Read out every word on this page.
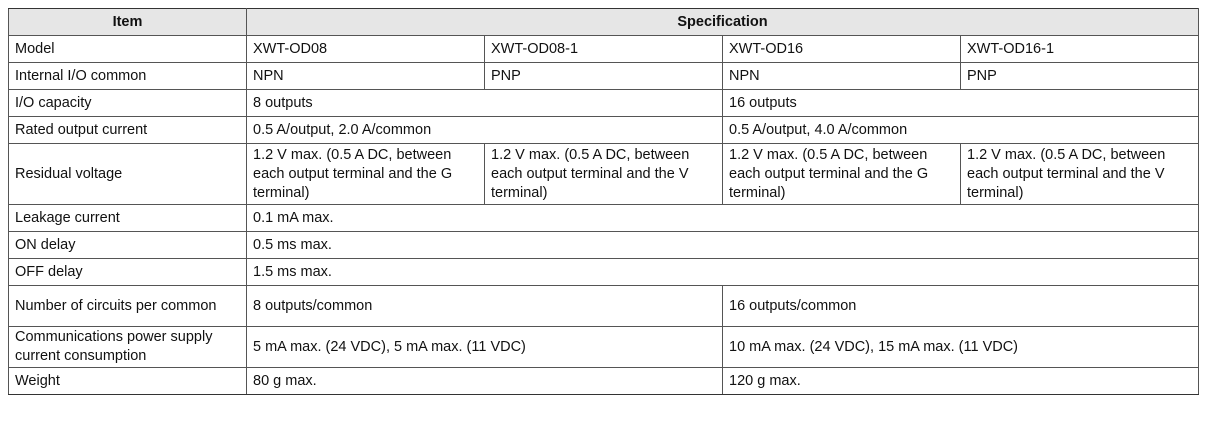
Item	Specification			
Model	XWT-OD08	XWT-OD08-1	XWT-OD16	XWT-OD16-1
Internal I/O common	NPN	PNP	NPN	PNP
I/O capacity	8 outputs		16 outputs	
Rated output current	0.5 A/output, 2.0 A/common		0.5 A/output, 4.0 A/common	
Residual voltage	1.2 V max. (0.5 A DC, between each output terminal and the G terminal)	1.2 V max. (0.5 A DC, between each output terminal and the V terminal)	1.2 V max. (0.5 A DC, between each output terminal and the G terminal)	1.2 V max. (0.5 A DC, between each output terminal and the V terminal)
Leakage current	0.1 mA max.			
ON delay	0.5 ms max.			
OFF delay	1.5 ms max.			
Number of circuits per common	8 outputs/common		16 outputs/common	
Communications power supply current consumption	5 mA max. (24 VDC), 5 mA max. (11 VDC)		10 mA max. (24 VDC), 15 mA max. (11 VDC)	
Weight	80 g max.		120 g max.	
